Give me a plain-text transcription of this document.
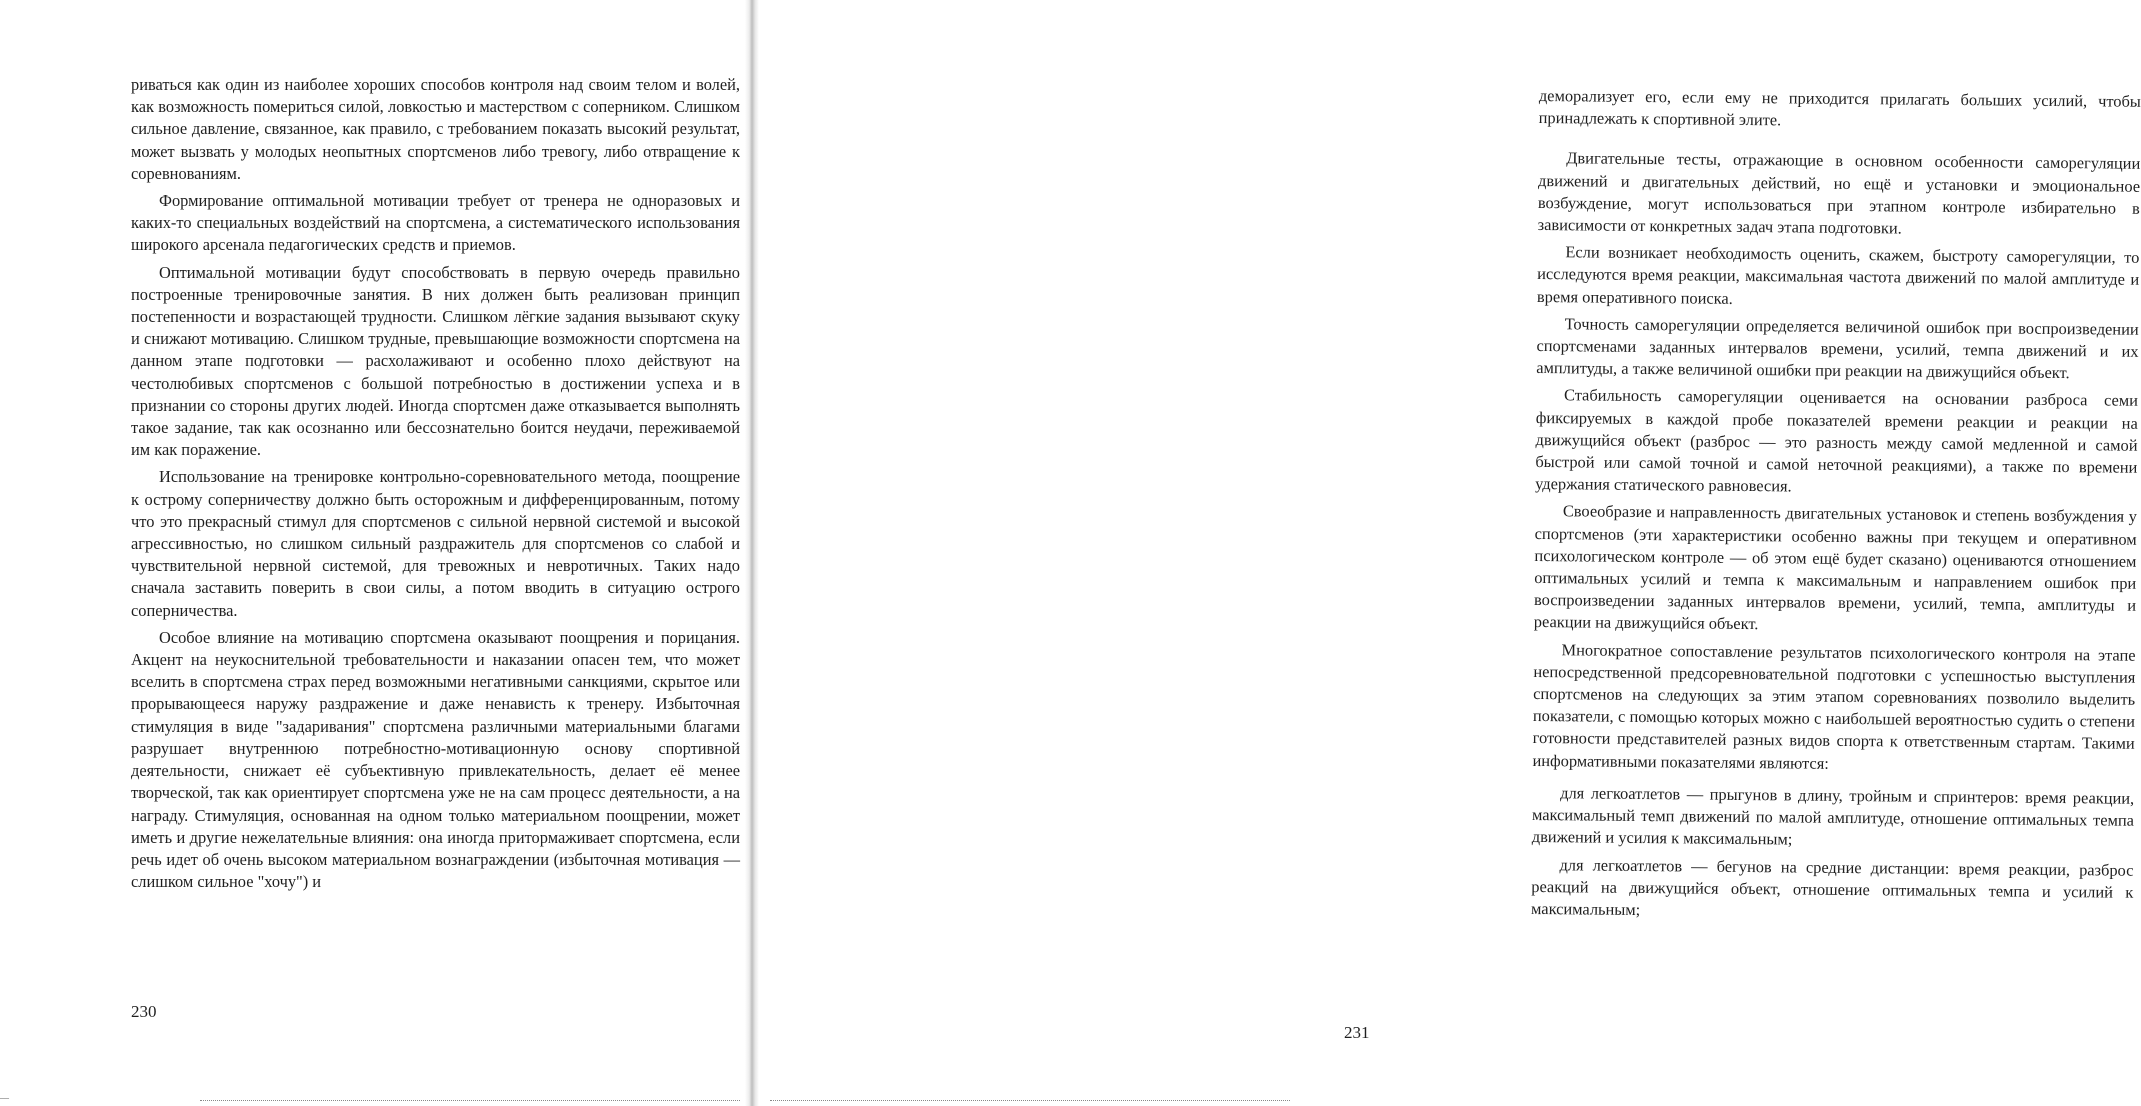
риваться как один из наиболее хороших способов контроля над своим телом и волей, как возможность помериться силой, ловкостью и мастерством с соперником. Слишком сильное давление, связанное, как правило, с требованием показать высокий результат, может вызвать у молодых неопытных спортсменов либо тревогу, либо отвращение к соревнованиям.

Формирование оптимальной мотивации требует от тренера не одноразовых и каких-то специальных воздействий на спортсмена, а систематического использования широкого арсенала педагогических средств и приемов.

Оптимальной мотивации будут способствовать в первую очередь правильно построенные тренировочные занятия. В них должен быть реализован принцип постепенности и возрастающей трудности. Слишком лёгкие задания вызывают скуку и снижают мотивацию. Слишком трудные, превышающие возможности спортсмена на данном этапе подготовки — расхолаживают и особенно плохо действуют на честолюбивых спортсменов с большой потребностью в достижении успеха и в признании со стороны других людей. Иногда спортсмен даже отказывается выполнять такое задание, так как осознанно или бессознательно боится неудачи, переживаемой им как поражение.

Использование на тренировке контрольно-соревновательного метода, поощрение к острому соперничеству должно быть осторожным и дифференцированным, потому что это прекрасный стимул для спортсменов с сильной нервной системой и высокой агрессивностью, но слишком сильный раздражитель для спортсменов со слабой и чувствительной нервной системой, для тревожных и невротичных. Таких надо сначала заставить поверить в свои силы, а потом вводить в ситуацию острого соперничества.

Особое влияние на мотивацию спортсмена оказывают поощрения и порицания. Акцент на неукоснительной требовательности и наказании опасен тем, что может вселить в спортсмена страх перед возможными негативными санкциями, скрытое или прорывающееся наружу раздражение и даже ненависть к тренеру. Избыточная стимуляция в виде "задаривания" спортсмена различными материальными благами разрушает внутреннюю потребностно-мотивационную основу спортивной деятельности, снижает её субъективную привлекательность, делает её менее творческой, так как ориентирует спортсмена уже не на сам процесс деятельности, а на награду. Стимуляция, основанная на одном только материальном поощрении, может иметь и другие нежелательные влияния: она иногда притормаживает спортсмена, если речь идет об очень высоком материальном вознаграждении (избыточная мотивация — слишком сильное "хочу") и

230
―

деморализует его, если ему не приходится прилагать больших усилий, чтобы принадлежать к спортивной элите.

Двигательные тесты, отражающие в основном особенности саморегуляции движений и двигательных действий, но ещё и установки и эмоциональное возбуждение, могут использоваться при этапном контроле избирательно в зависимости от конкретных задач этапа подготовки.

Если возникает необходимость оценить, скажем, быстроту саморегуляции, то исследуются время реакции, максимальная частота движений по малой амплитуде и время оперативного поиска.

Точность саморегуляции определяется величиной ошибок при воспроизведении спортсменами заданных интервалов времени, усилий, темпа движений и их амплитуды, а также величиной ошибки при реакции на движущийся объект.

Стабильность саморегуляции оценивается на основании разброса семи фиксируемых в каждой пробе показателей времени реакции и реакции на движущийся объект (разброс — это разность между самой медленной и самой быстрой или самой точной и самой неточной реакциями), а также по времени удержания статического равновесия.

Своеобразие и направленность двигательных установок и степень возбуждения у спортсменов (эти характеристики особенно важны при текущем и оперативном психологическом контроле — об этом ещё будет сказано) оцениваются отношением оптимальных усилий и темпа к максимальным и направлением ошибок при воспроизведении заданных интервалов времени, усилий, темпа, амплитуды и реакции на движущийся объект.

Многократное сопоставление результатов психологического контроля на этапе непосредственной предсоревновательной подготовки с успешностью выступления спортсменов на следующих за этим этапом соревнованиях позволило выделить показатели, с помощью которых можно с наибольшей вероятностью судить о степени готовности представителей разных видов спорта к ответственным стартам. Такими информативными показателями являются:

для легкоатлетов — прыгунов в длину, тройным и спринтеров: время реакции, максимальный темп движений по малой амплитуде, отношение оптимальных темпа движений и усилия к максимальным;

для легкоатлетов — бегунов на средние дистанции: время реакции, разброс реакций на движущийся объект, отношение оптимальных темпа и усилий к максимальным;

231
